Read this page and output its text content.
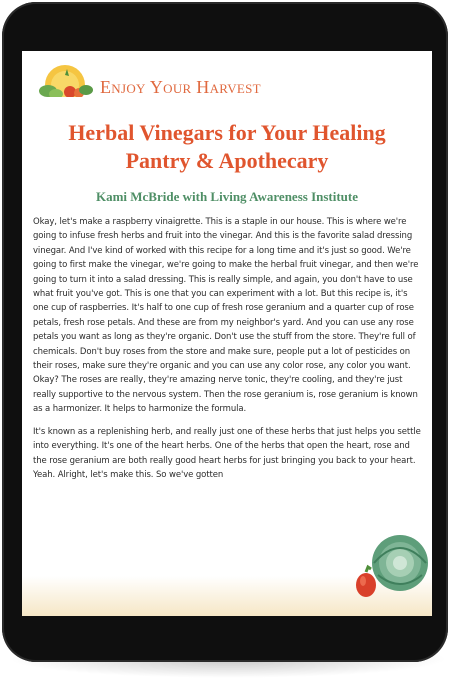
Enjoy Your Harvest
Herbal Vinegars for Your Healing
Pantry & Apothecary
Kami McBride with Living Awareness Institute

Okay, let's make a raspberry vinaigrette. This is a staple in our house. This is where we're going to infuse fresh herbs and fruit into the vinegar. And this is the favorite salad dressing vinegar. And I've kind of worked with this recipe for a long time and it's just so good. We're going to first make the vinegar, we're going to make the herbal fruit vinegar, and then we're going to turn it into a salad dressing. This is really simple, and again, you don't have to use what fruit you've got. This is one that you can experiment with a lot. But this recipe is, it's one cup of raspberries. It's half to one cup of fresh rose geranium and a quarter cup of rose petals, fresh rose petals. And these are from my neighbor's yard. And you can use any rose petals you want as long as they're organic. Don't use the stuff from the store. They're full of chemicals. Don't buy roses from the store and make sure, people put a lot of pesticides on their roses, make sure they're organic and you can use any color rose, any color you want. Okay? The roses are really, they're amazing nerve tonic, they're cooling, and they're just really supportive to the nervous system. Then the rose geranium is, rose geranium is known as a harmonizer. It helps to harmonize the formula.

It's known as a replenishing herb, and really just one of these herbs that just helps you settle into everything. It's one of the heart herbs. One of the herbs that open the heart, rose and the rose geranium are both really good heart herbs for just bringing you back to your heart. Yeah. Alright, let's make this. So we've gotten
